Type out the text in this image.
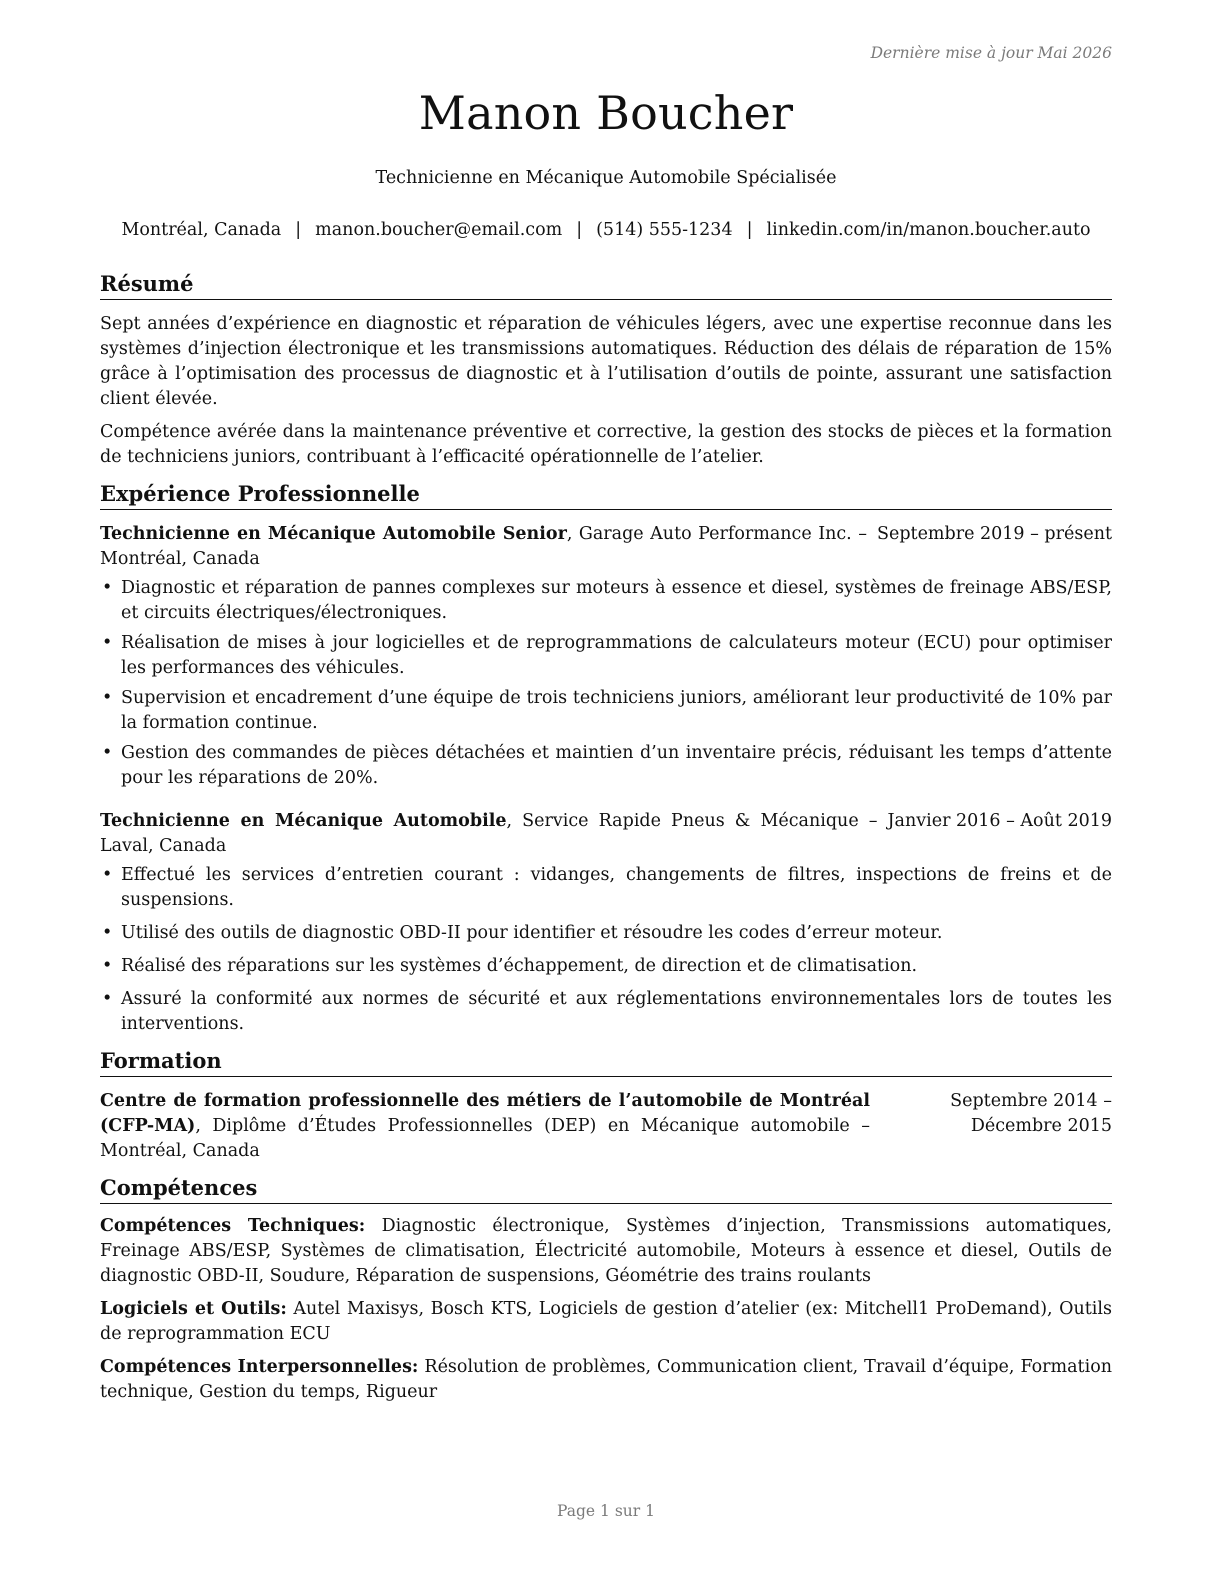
Dernière mise à jour Mai 2026
Manon Boucher
Technicienne en Mécanique Automobile Spécialisée
Montréal, Canada | manon.boucher@email.com | (514) 555-1234 | linkedin.com/in/manon.boucher.auto
Résumé

Sept années d’expérience en diagnostic et réparation de véhicules légers, avec une expertise reconnue dans les systèmes d’injection électronique et les transmissions automatiques. Réduction des délais de réparation de 15% grâce à l’optimisation des processus de diagnostic et à l’utilisation d’outils de pointe, assurant une satisfaction client élevée.

Compétence avérée dans la maintenance préventive et corrective, la gestion des stocks de pièces et la formation de techniciens juniors, contribuant à l’efficacité opérationnelle de l’atelier.

Expérience Professionnelle
Technicienne en Mécanique Automobile Senior, Garage Auto Performance Inc. – Montréal, Canada
Septembre 2019 – présent
• Diagnostic et réparation de pannes complexes sur moteurs à essence et diesel, systèmes de freinage ABS/ESP, et circuits électriques/électroniques.
• Réalisation de mises à jour logicielles et de reprogrammations de calculateurs moteur (ECU) pour optimiser les performances des véhicules.
• Supervision et encadrement d’une équipe de trois techniciens juniors, améliorant leur productivité de 10% par la formation continue.
• Gestion des commandes de pièces détachées et maintien d’un inventaire précis, réduisant les temps d’attente pour les réparations de 20%.
Technicienne en Mécanique Automobile, Service Rapide Pneus & Mécanique – Laval, Canada
Janvier 2016 – Août 2019
• Effectué les services d’entretien courant : vidanges, changements de filtres, inspections de freins et de suspensions.
• Utilisé des outils de diagnostic OBD-II pour identifier et résoudre les codes d’erreur moteur.
• Réalisé des réparations sur les systèmes d’échappement, de direction et de climatisation.
• Assuré la conformité aux normes de sécurité et aux réglementations environnementales lors de toutes les interventions.
Formation
Centre de formation professionnelle des métiers de l’automobile de Montréal (CFP-MA), Diplôme d’Études Professionnelles (DEP) en Mécanique automobile – Montréal, Canada
Septembre 2014 – Décembre 2015
Compétences
Compétences Techniques: Diagnostic électronique, Systèmes d’injection, Transmissions automatiques, Freinage ABS/ESP, Systèmes de climatisation, Électricité automobile, Moteurs à essence et diesel, Outils de diagnostic OBD-II, Soudure, Réparation de suspensions, Géométrie des trains roulants
Logiciels et Outils: Autel Maxisys, Bosch KTS, Logiciels de gestion d’atelier (ex: Mitchell1 ProDemand), Outils de reprogrammation ECU
Compétences Interpersonnelles: Résolution de problèmes, Communication client, Travail d’équipe, Formation technique, Gestion du temps, Rigueur
Page 1 sur 1
